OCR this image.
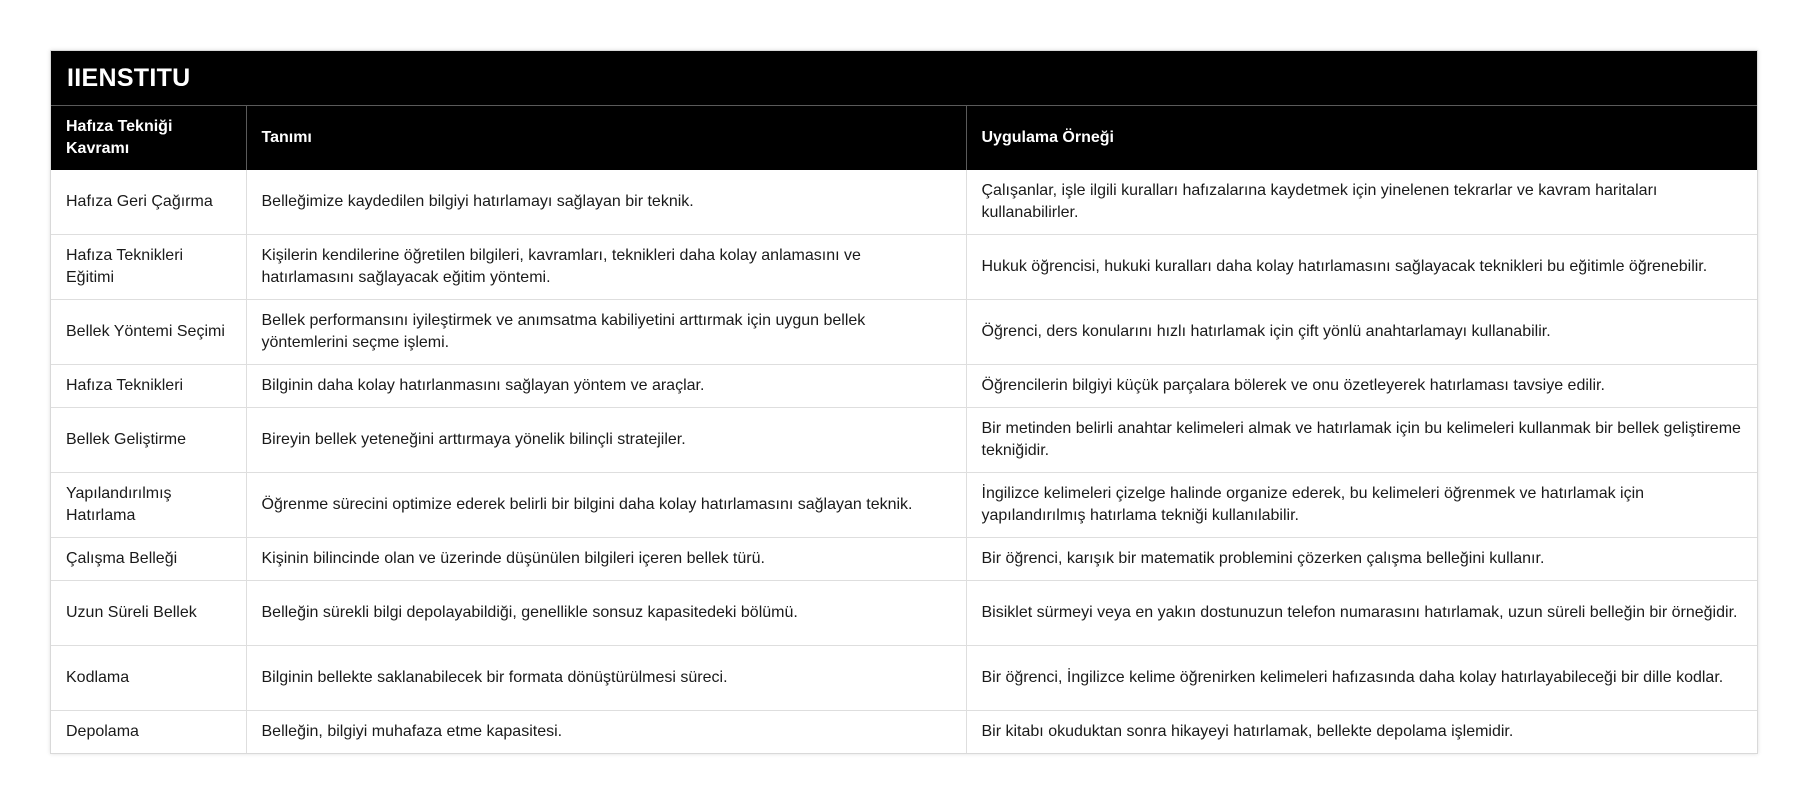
IIENSTITU
Hafıza Tekniği Kavramı	Tanımı	Uygulama Örneği
Hafıza Geri Çağırma	Belleğimize kaydedilen bilgiyi hatırlamayı sağlayan bir teknik.	Çalışanlar, işle ilgili kuralları hafızalarına kaydetmek için yinelenen tekrarlar ve kavram haritaları kullanabilirler.
Hafıza Teknikleri Eğitimi	Kişilerin kendilerine öğretilen bilgileri, kavramları, teknikleri daha kolay anlamasını ve hatırlamasını sağlayacak eğitim yöntemi.	Hukuk öğrencisi, hukuki kuralları daha kolay hatırlamasını sağlayacak teknikleri bu eğitimle öğrenebilir.
Bellek Yöntemi Seçimi	Bellek performansını iyileştirmek ve anımsatma kabiliyetini arttırmak için uygun bellek yöntemlerini seçme işlemi.	Öğrenci, ders konularını hızlı hatırlamak için çift yönlü anahtarlamayı kullanabilir.
Hafıza Teknikleri	Bilginin daha kolay hatırlanmasını sağlayan yöntem ve araçlar.	Öğrencilerin bilgiyi küçük parçalara bölerek ve onu özetleyerek hatırlaması tavsiye edilir.
Bellek Geliştirme	Bireyin bellek yeteneğini arttırmaya yönelik bilinçli stratejiler.	Bir metinden belirli anahtar kelimeleri almak ve hatırlamak için bu kelimeleri kullanmak bir bellek geliştireme tekniğidir.
Yapılandırılmış Hatırlama	Öğrenme sürecini optimize ederek belirli bir bilgini daha kolay hatırlamasını sağlayan teknik.	İngilizce kelimeleri çizelge halinde organize ederek, bu kelimeleri öğrenmek ve hatırlamak için yapılandırılmış hatırlama tekniği kullanılabilir.
Çalışma Belleği	Kişinin bilincinde olan ve üzerinde düşünülen bilgileri içeren bellek türü.	Bir öğrenci, karışık bir matematik problemini çözerken çalışma belleğini kullanır.
Uzun Süreli Bellek	Belleğin sürekli bilgi depolayabildiği, genellikle sonsuz kapasitedeki bölümü.	Bisiklet sürmeyi veya en yakın dostunuzun telefon numarasını hatırlamak, uzun süreli belleğin bir örneğidir.
Kodlama	Bilginin bellekte saklanabilecek bir formata dönüştürülmesi süreci.	Bir öğrenci, İngilizce kelime öğrenirken kelimeleri hafızasında daha kolay hatırlayabileceği bir dille kodlar.
Depolama	Belleğin, bilgiyi muhafaza etme kapasitesi.	Bir kitabı okuduktan sonra hikayeyi hatırlamak, bellekte depolama işlemidir.
